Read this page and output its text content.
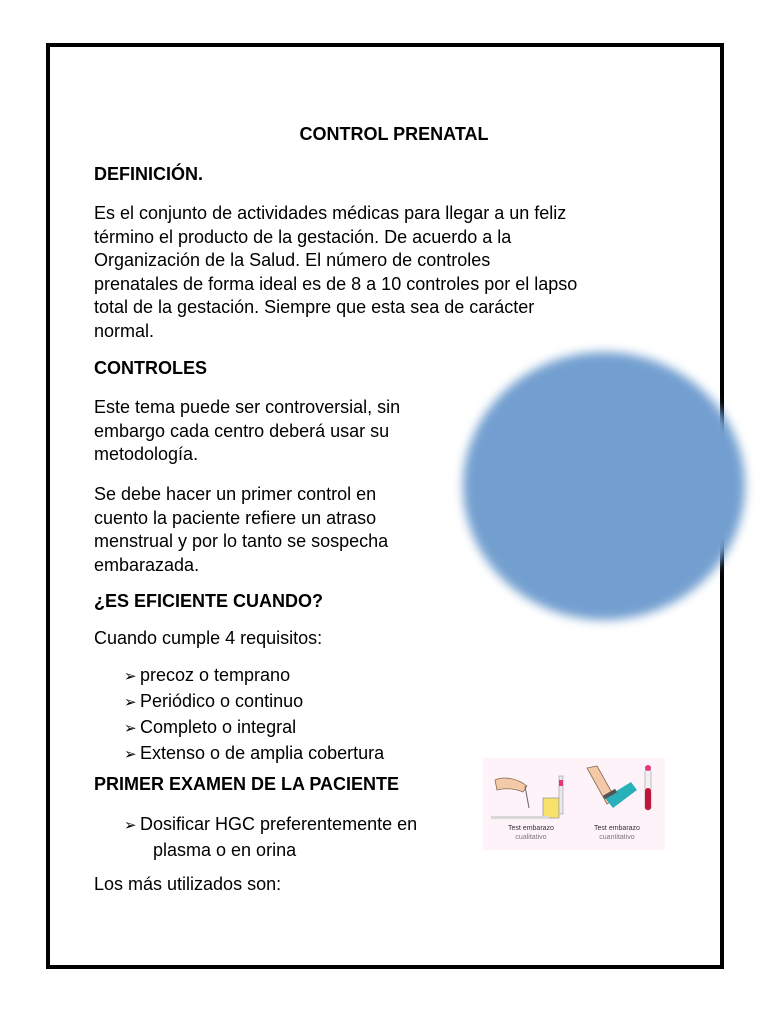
CONTROL PRENATAL
DEFINICIÓN.
Es el conjunto de actividades médicas para llegar a un feliz
término el producto de la gestación. De acuerdo a la
Organización de la Salud. El número de controles
prenatales de forma ideal es de 8 a 10 controles por el lapso
total de la gestación. Siempre que esta sea de carácter
normal.
CONTROLES
Este tema puede ser controversial, sin
embargo cada centro deberá usar su
metodología.
Se debe hacer un primer control en
cuento la paciente refiere un atraso
menstrual y por lo tanto se sospecha
embarazada.
¿ES EFICIENTE CUANDO?
Cuando cumple 4 requisitos:
➢ precoz o temprano
➢ Periódico o continuo
➢ Completo o integral
➢ Extenso o de amplia cobertura
PRIMER EXAMEN DE LA PACIENTE
➢ Dosificar HGC preferentemente en
plasma o en orina
Los más utilizados son:
Test embarazo
cualitativo
Test embarazo
cuantitativo
